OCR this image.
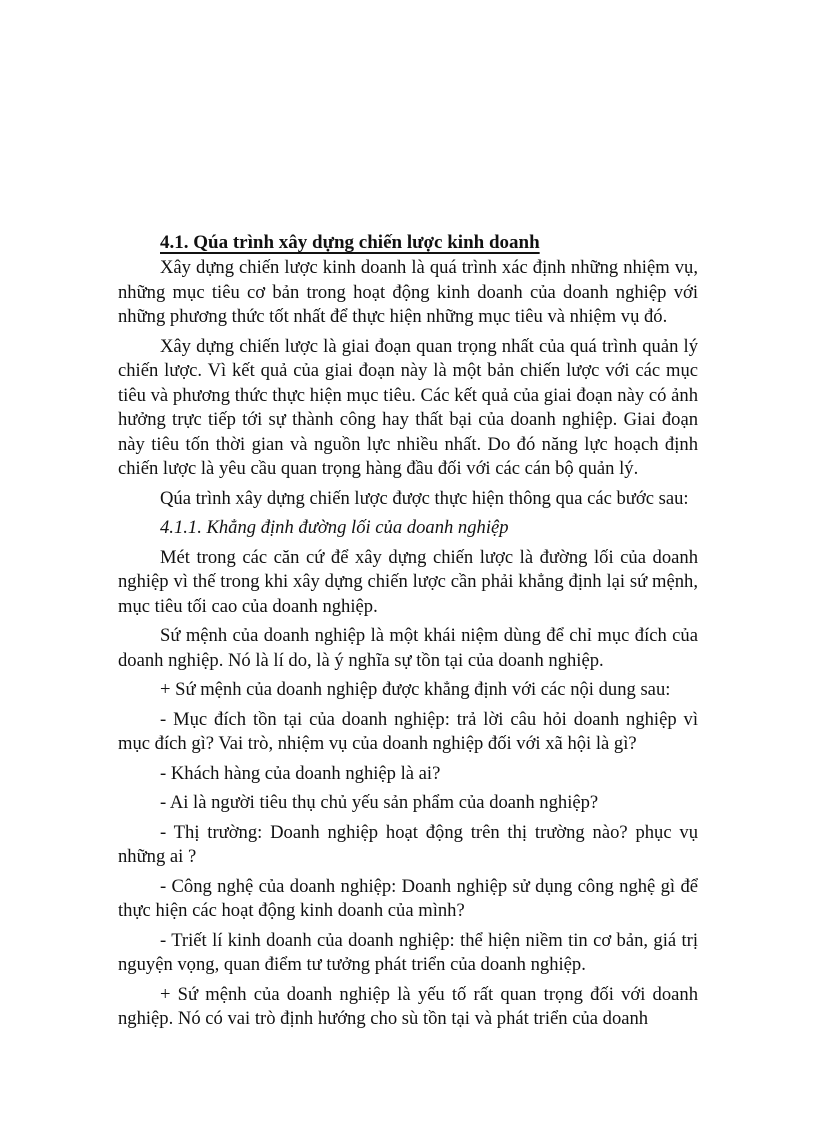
4.1. Qúa trình xây dựng chiến lược kinh doanh

Xây dựng chiến lược kinh doanh là quá trình xác định những nhiệm vụ, những mục tiêu cơ bản trong hoạt động kinh doanh của doanh nghiệp với những phương thức tốt nhất để thực hiện những mục tiêu và nhiệm vụ đó.

Xây dựng chiến lược là giai đoạn quan trọng nhất của quá trình quản lý chiến lược. Vì kết quả của giai đoạn này là một bản chiến lược với các mục tiêu và phương thức thực hiện mục tiêu. Các kết quả của giai đoạn này có ảnh hưởng trực tiếp tới sự thành công hay thất bại của doanh nghiệp. Giai đoạn này tiêu tốn thời gian và nguồn lực nhiều nhất. Do đó năng lực hoạch định chiến lược là yêu cầu quan trọng hàng đầu đối với các cán bộ quản lý.

Qúa trình xây dựng chiến lược được thực hiện thông qua các bước sau:

4.1.1. Khẳng định đường lối của doanh nghiệp

Mét trong các căn cứ để xây dựng chiến lược là đường lối của doanh nghiệp vì thế trong khi xây dựng chiến lược cần phải khẳng định lại sứ mệnh, mục tiêu tối cao của doanh nghiệp.

Sứ mệnh của doanh nghiệp là một khái niệm dùng để chỉ mục đích của doanh nghiệp. Nó là lí do, là ý nghĩa sự tồn tại của doanh nghiệp.

+ Sứ mệnh của doanh nghiệp được khẳng định với các nội dung sau:

- Mục đích tồn tại của doanh nghiệp: trả lời câu hỏi doanh nghiệp vì mục đích gì? Vai trò, nhiệm vụ của doanh nghiệp đối với xã hội là gì?

- Khách hàng của doanh nghiệp là ai?

- Ai là người tiêu thụ chủ yếu sản phẩm của doanh nghiệp?

- Thị trường: Doanh nghiệp hoạt động trên thị trường nào? phục vụ những ai ?

- Công nghệ của doanh nghiệp: Doanh nghiệp sử dụng công nghệ gì để thực hiện các hoạt động kinh doanh của mình?

- Triết lí kinh doanh của doanh nghiệp: thể hiện niềm tin cơ bản, giá trị nguyện vọng, quan điểm tư tưởng phát triển của doanh nghiệp.

+ Sứ mệnh của doanh nghiệp là yếu tố rất quan trọng đối với doanh nghiệp. Nó có vai trò định hướng cho sù tồn tại và phát triển của doanh
